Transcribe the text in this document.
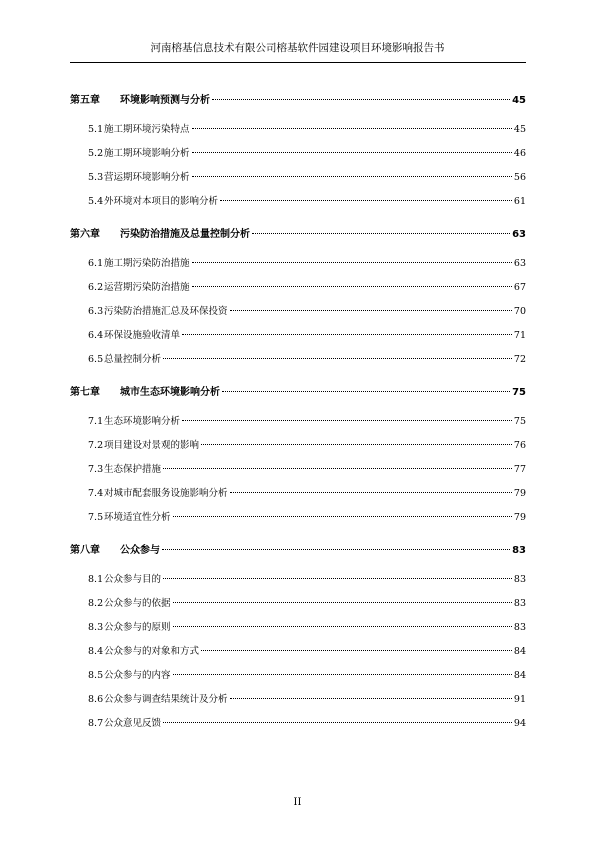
河南榕基信息技术有限公司榕基软件园建设项目环境影响报告书
第五章	环境影响预测与分析	45
5.1 施工期环境污染特点	45
5.2 施工期环境影响分析	46
5.3 营运期环境影响分析	56
5.4 外环境对本项目的影响分析	61
第六章	污染防治措施及总量控制分析	63
6.1 施工期污染防治措施	63
6.2 运营期污染防治措施	67
6.3 污染防治措施汇总及环保投资	70
6.4 环保设施验收清单	71
6.5 总量控制分析	72
第七章	城市生态环境影响分析	75
7.1 生态环境影响分析	75
7.2 项目建设对景观的影响	76
7.3 生态保护措施	77
7.4 对城市配套服务设施影响分析	79
7.5 环境适宜性分析	79
第八章	公众参与	83
8.1 公众参与目的	83
8.2 公众参与的依据	83
8.3 公众参与的原则	83
8.4 公众参与的对象和方式	84
8.5 公众参与的内容	84
8.6 公众参与调查结果统计及分析	91
8.7 公众意见反馈	94
II
